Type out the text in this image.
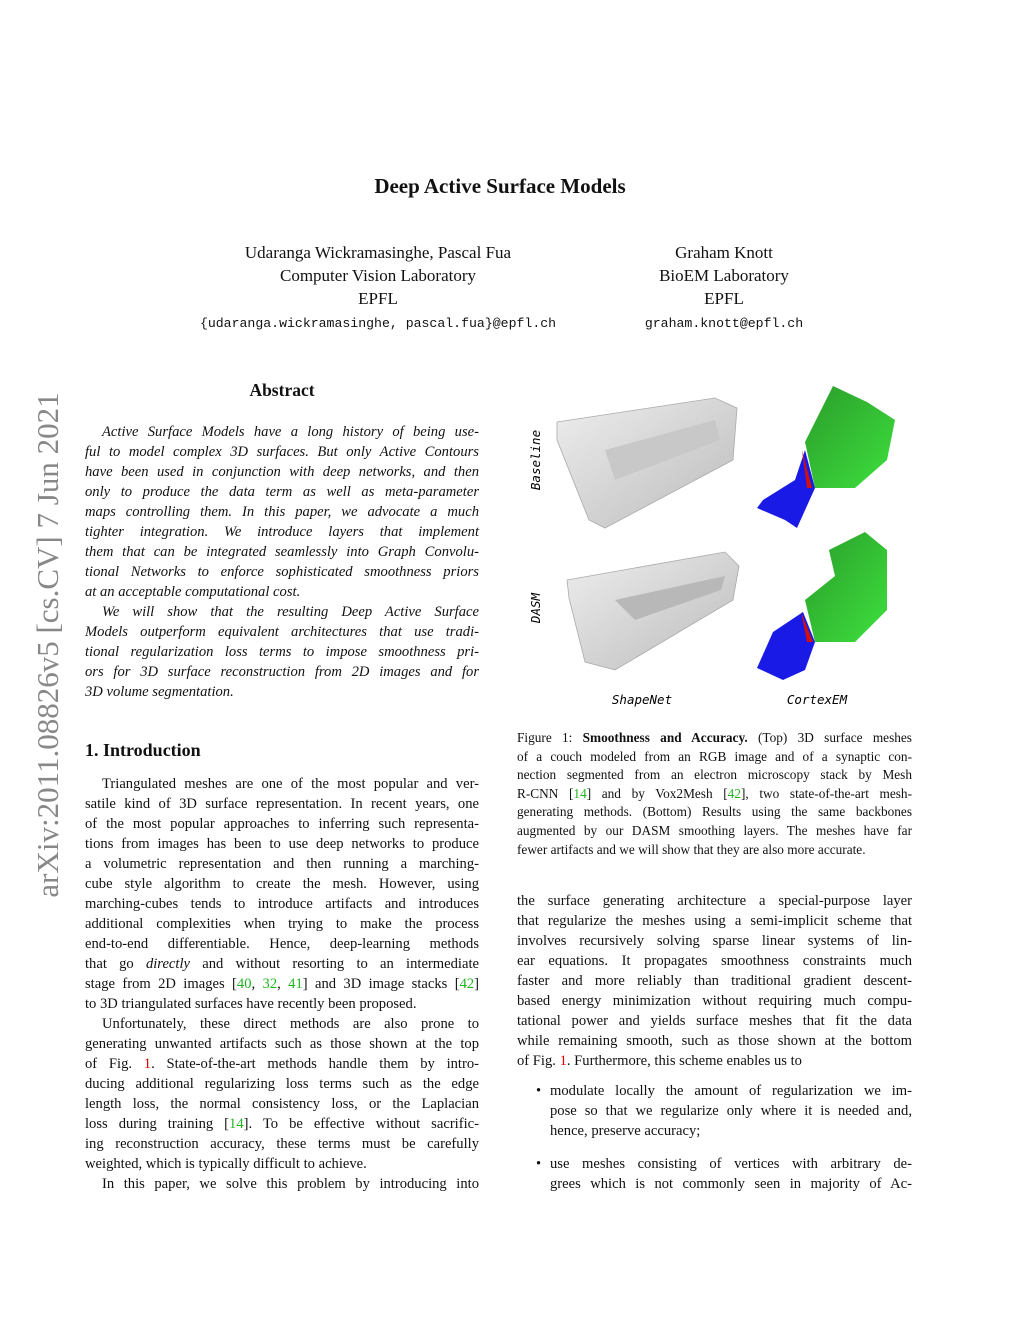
Deep Active Surface Models
Udaranga Wickramasinghe, Pascal Fua
Computer Vision Laboratory
EPFL
{udaranga.wickramasinghe, pascal.fua}@epfl.ch
Graham Knott
BioEM Laboratory
EPFL
graham.knott@epfl.ch
arXiv:2011.08826v5 [cs.CV] 7 Jun 2021
Abstract
Active Surface Models have a long history of being use-
ful to model complex 3D surfaces. But only Active Contours
have been used in conjunction with deep networks, and then
only to produce the data term as well as meta-parameter
maps controlling them. In this paper, we advocate a much
tighter integration. We introduce layers that implement
them that can be integrated seamlessly into Graph Convolu-
tional Networks to enforce sophisticated smoothness priors
at an acceptable computational cost.
We will show that the resulting Deep Active Surface
Models outperform equivalent architectures that use tradi-
tional regularization loss terms to impose smoothness pri-
ors for 3D surface reconstruction from 2D images and for
3D volume segmentation.
1. Introduction
Triangulated meshes are one of the most popular and ver-
satile kind of 3D surface representation. In recent years, one
of the most popular approaches to inferring such representa-
tions from images has been to use deep networks to produce
a volumetric representation and then running a marching-
cube style algorithm to create the mesh. However, using
marching-cubes tends to introduce artifacts and introduces
additional complexities when trying to make the process
end-to-end differentiable. Hence, deep-learning methods
that go directly and without resorting to an intermediate
stage from 2D images [40, 32, 41] and 3D image stacks [42]
to 3D triangulated surfaces have recently been proposed.
Unfortunately, these direct methods are also prone to
generating unwanted artifacts such as those shown at the top
of Fig. 1. State-of-the-art methods handle them by intro-
ducing additional regularizing loss terms such as the edge
length loss, the normal consistency loss, or the Laplacian
loss during training [14]. To be effective without sacrific-
ing reconstruction accuracy, these terms must be carefully
weighted, which is typically difficult to achieve.
In this paper, we solve this problem by introducing into
Baseline
DASM
ShapeNet	CortexEM
Figure 1: Smoothness and Accuracy. (Top) 3D surface meshes
of a couch modeled from an RGB image and of a synaptic con-
nection segmented from an electron microscopy stack by Mesh
R-CNN [14] and by Vox2Mesh [42], two state-of-the-art mesh-
generating methods. (Bottom) Results using the same backbones
augmented by our DASM smoothing layers. The meshes have far
fewer artifacts and we will show that they are also more accurate.
the surface generating architecture a special-purpose layer
that regularize the meshes using a semi-implicit scheme that
involves recursively solving sparse linear systems of lin-
ear equations. It propagates smoothness constraints much
faster and more reliably than traditional gradient descent-
based energy minimization without requiring much compu-
tational power and yields surface meshes that fit the data
while remaining smooth, such as those shown at the bottom
of Fig. 1. Furthermore, this scheme enables us to
• modulate locally the amount of regularization we im-
pose so that we regularize only where it is needed and,
hence, preserve accuracy;
• use meshes consisting of vertices with arbitrary de-
grees which is not commonly seen in majority of Ac-
